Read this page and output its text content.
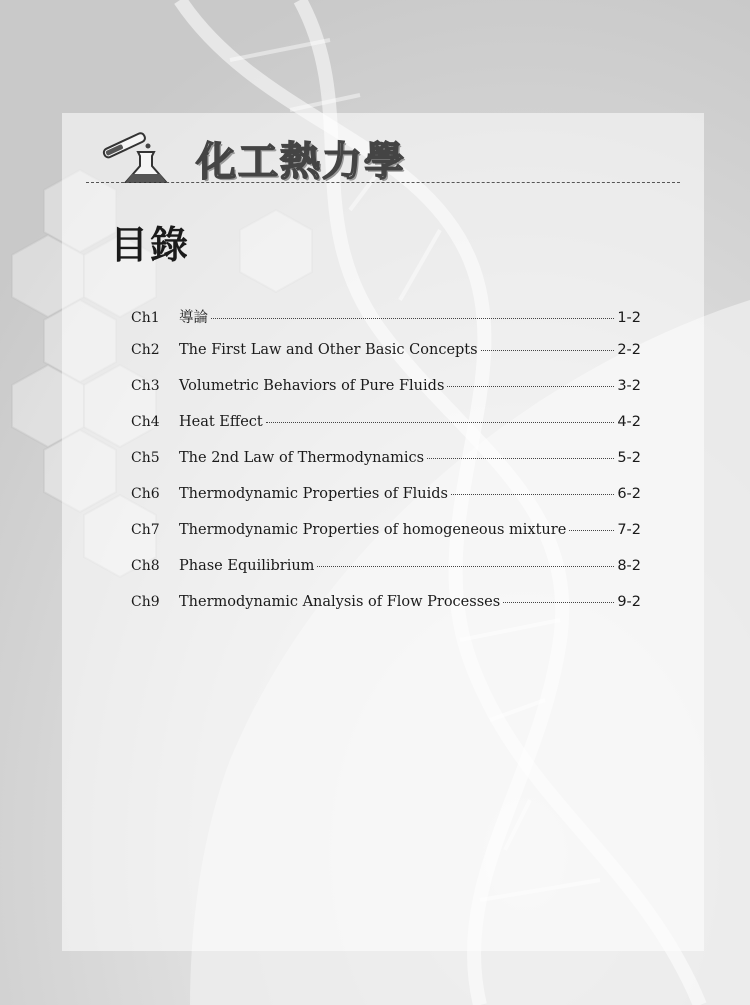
化工熱力學
目錄
Ch1	導論	1-2
Ch2	The First Law and Other Basic Concepts	2-2
Ch3	Volumetric Behaviors of Pure Fluids	3-2
Ch4	Heat Effect	4-2
Ch5	The 2nd Law of Thermodynamics	5-2
Ch6	Thermodynamic Properties of Fluids	6-2
Ch7	Thermodynamic Properties of homogeneous mixture	7-2
Ch8	Phase Equilibrium	8-2
Ch9	Thermodynamic Analysis of Flow Processes	9-2
